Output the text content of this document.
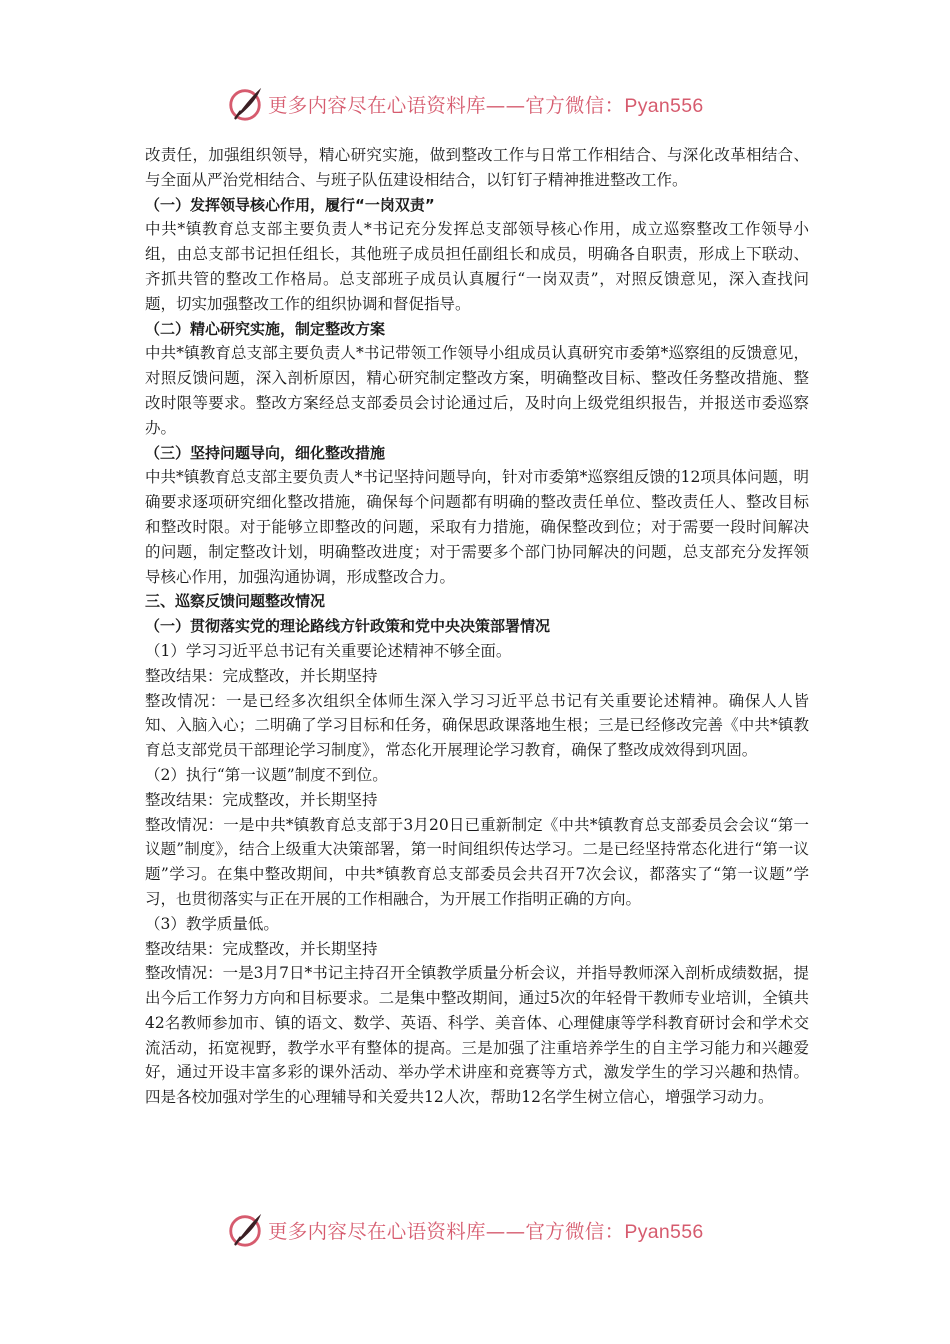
更多内容尽在心语资料库——官方微信：Pyan556

改责任，加强组织领导，精心研究实施，做到整改工作与日常工作相结合、与深化改革相结合、与全面从严治党相结合、与班子队伍建设相结合，以钉钉子精神推进整改工作。

（一）发挥领导核心作用，履行“一岗双责”

中共*镇教育总支部主要负责人*书记充分发挥总支部领导核心作用，成立巡察整改工作领导小组，由总支部书记担任组长，其他班子成员担任副组长和成员，明确各自职责，形成上下联动、齐抓共管的整改工作格局。总支部班子成员认真履行“一岗双责”，对照反馈意见，深入查找问题，切实加强整改工作的组织协调和督促指导。

（二）精心研究实施，制定整改方案

中共*镇教育总支部主要负责人*书记带领工作领导小组成员认真研究市委第*巡察组的反馈意见，对照反馈问题，深入剖析原因，精心研究制定整改方案，明确整改目标、整改任务整改措施、整改时限等要求。整改方案经总支部委员会讨论通过后，及时向上级党组织报告，并报送市委巡察办。

（三）坚持问题导向，细化整改措施

中共*镇教育总支部主要负责人*书记坚持问题导向，针对市委第*巡察组反馈的12项具体问题，明确要求逐项研究细化整改措施，确保每个问题都有明确的整改责任单位、整改责任人、整改目标和整改时限。对于能够立即整改的问题，采取有力措施，确保整改到位；对于需要一段时间解决的问题，制定整改计划，明确整改进度；对于需要多个部门协同解决的问题，总支部充分发挥领导核心作用，加强沟通协调，形成整改合力。

三、巡察反馈问题整改情况

（一）贯彻落实党的理论路线方针政策和党中央决策部署情况

（1）学习习近平总书记有关重要论述精神不够全面。

整改结果：完成整改，并长期坚持

整改情况：一是已经多次组织全体师生深入学习习近平总书记有关重要论述精神。确保人人皆知、入脑入心；二明确了学习目标和任务，确保思政课落地生根；三是已经修改完善《中共*镇教育总支部党员干部理论学习制度》，常态化开展理论学习教育，确保了整改成效得到巩固。

（2）执行“第一议题”制度不到位。

整改结果：完成整改，并长期坚持

整改情况：一是中共*镇教育总支部于3月20日已重新制定《中共*镇教育总支部委员会会议“第一议题”制度》，结合上级重大决策部署，第一时间组织传达学习。二是已经坚持常态化进行“第一议题”学习。在集中整改期间，中共*镇教育总支部委员会共召开7次会议，都落实了“第一议题”学习，也贯彻落实与正在开展的工作相融合，为开展工作指明正确的方向。

（3）教学质量低。

整改结果：完成整改，并长期坚持

整改情况：一是3月7日*书记主持召开全镇教学质量分析会议，并指导教师深入剖析成绩数据，提出今后工作努力方向和目标要求。二是集中整改期间，通过5次的年轻骨干教师专业培训，全镇共42名教师参加市、镇的语文、数学、英语、科学、美音体、心理健康等学科教育研讨会和学术交流活动，拓宽视野，教学水平有整体的提高。三是加强了注重培养学生的自主学习能力和兴趣爱好，通过开设丰富多彩的课外活动、举办学术讲座和竞赛等方式，激发学生的学习兴趣和热情。四是各校加强对学生的心理辅导和关爱共12人次，帮助12名学生树立信心，增强学习动力。

更多内容尽在心语资料库——官方微信：Pyan556
